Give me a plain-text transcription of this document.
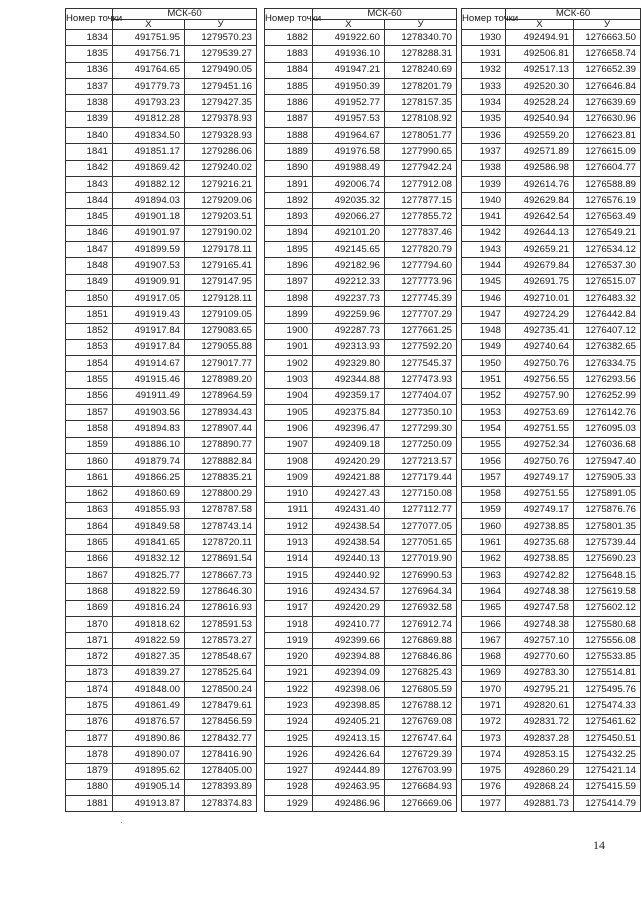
Номер точки	МСК-60	
	X	У
1834	491751.95	1279570.23
1835	491756.71	1279539.27
1836	491764.65	1279490.05
1837	491779.73	1279451.16
1838	491793.23	1279427.35
1839	491812.28	1279378.93
1840	491834.50	1279328.93
1841	491851.17	1279286.06
1842	491869.42	1279240.02
1843	491882.12	1279216.21
1844	491894.03	1279209.06
1845	491901.18	1279203.51
1846	491901.97	1279190.02
1847	491899.59	1279178.11
1848	491907.53	1279165.41
1849	491909.91	1279147.95
1850	491917.05	1279128.11
1851	491919.43	1279109.05
1852	491917.84	1279083.65
1853	491917.84	1279055.88
1854	491914.67	1279017.77
1855	491915.46	1278989.20
1856	491911.49	1278964.59
1857	491903.56	1278934.43
1858	491894.83	1278907.44
1859	491886.10	1278890.77
1860	491879.74	1278882.84
1861	491866.25	1278835.21
1862	491860.69	1278800.29
1863	491855.93	1278787.58
1864	491849.58	1278743.14
1865	491841.65	1278720.11
1866	491832.12	1278691.54
1867	491825.77	1278667.73
1868	491822.59	1278646.30
1869	491816.24	1278616.93
1870	491818.62	1278591.53
1871	491822.59	1278573.27
1872	491827.35	1278548.67
1873	491839.27	1278525.64
1874	491848.00	1278500.24
1875	491861.49	1278479.61
1876	491876.57	1278456.59
1877	491890.86	1278432.77
1878	491890.07	1278416.90
1879	491895.62	1278405.00
1880	491905.14	1278393.89
1881	491913.87	1278374.83
Номер точки	МСК-60	
	X	У
1882	491922.60	1278340.70
1883	491936.10	1278288.31
1884	491947.21	1278240.69
1885	491950.39	1278201.79
1886	491952.77	1278157.35
1887	491957.53	1278108.92
1888	491964.67	1278051.77
1889	491976.58	1277990.65
1890	491988.49	1277942.24
1891	492006.74	1277912.08
1892	492035.32	1277877.15
1893	492066.27	1277855.72
1894	492101.20	1277837.46
1895	492145.65	1277820.79
1896	492182.96	1277794.60
1897	492212.33	1277773.96
1898	492237.73	1277745.39
1899	492259.96	1277707.29
1900	492287.73	1277661.25
1901	492313.93	1277592.20
1902	492329.80	1277545.37
1903	492344.88	1277473.93
1904	492359.17	1277404.07
1905	492375.84	1277350.10
1906	492396.47	1277299.30
1907	492409.18	1277250.09
1908	492420.29	1277213.57
1909	492421.88	1277179.44
1910	492427.43	1277150.08
1911	492431.40	1277112.77
1912	492438.54	1277077.05
1913	492438.54	1277051.65
1914	492440.13	1277019.90
1915	492440.92	1276990.53
1916	492434.57	1276964.34
1917	492420.29	1276932.58
1918	492410.77	1276912.74
1919	492399.66	1276869.88
1920	492394.88	1276846.86
1921	492394.09	1276825.43
1922	492398.06	1276805.59
1923	492398.85	1276788.12
1924	492405.21	1276769.08
1925	492413.15	1276747.64
1926	492426.64	1276729.39
1927	492444.89	1276703.99
1928	492463.95	1276684.93
1929	492486.96	1276669.06
Номер точки	МСК-60	
	X	У
1930	492494.91	1276663.50
1931	492506.81	1276658.74
1932	492517.13	1276652.39
1933	492520.30	1276646.84
1934	492528.24	1276639.69
1935	492540.94	1276630.96
1936	492559.20	1276623.81
1937	492571.89	1276615.09
1938	492586.98	1276604.77
1939	492614.76	1276588.89
1940	492629.84	1276576.19
1941	492642.54	1276563.49
1942	492644.13	1276549.21
1943	492659.21	1276534.12
1944	492679.84	1276537.30
1945	492691.75	1276515.07
1946	492710.01	1276483.32
1947	492724.29	1276442.84
1948	492735.41	1276407.12
1949	492740.64	1276382.65
1950	492750.76	1276334.75
1951	492756.55	1276293.56
1952	492757.90	1276252.99
1953	492753.69	1276142.76
1954	492751.55	1276095.03
1955	492752.34	1276036.68
1956	492750.76	1275947.40
1957	492749.17	1275905.33
1958	492751.55	1275891.05
1959	492749.17	1275876.76
1960	492738.85	1275801.35
1961	492735.68	1275739.44
1962	492738.85	1275690.23
1963	492742.82	1275648.15
1964	492748.38	1275619.58
1965	492747.58	1275602.12
1966	492748.38	1275580.68
1967	492757.10	1275556.08
1968	492770.60	1275533.85
1969	492783.30	1275514.81
1970	492795.21	1275495.76
1971	492820.61	1275474.33
1972	492831.72	1275461.62
1973	492837.28	1275450.51
1974	492853.15	1275432.25
1975	492860.29	1275421.14
1976	492868.24	1275415.59
1977	492881.73	1275414.79
14
